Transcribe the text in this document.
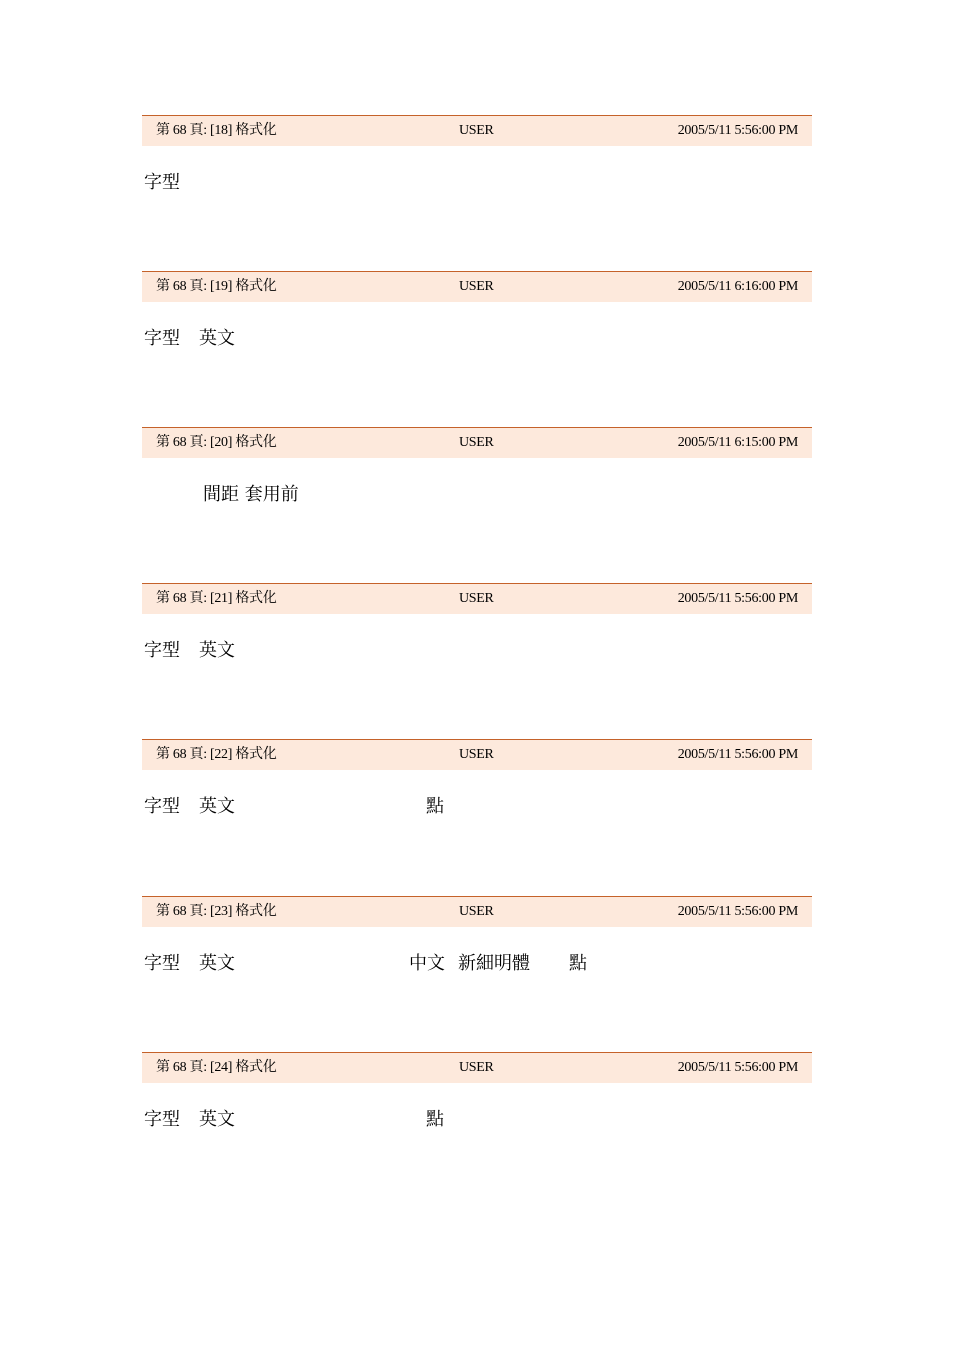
第 68 頁: [18] 格式化	USER	2005/5/11 5:56:00 PM
字型
第 68 頁: [19] 格式化	USER	2005/5/11 6:16:00 PM
字型 英文
第 68 頁: [20] 格式化	USER	2005/5/11 6:15:00 PM
間距 套用前
第 68 頁: [21] 格式化	USER	2005/5/11 5:56:00 PM
字型 英文
第 68 頁: [22] 格式化	USER	2005/5/11 5:56:00 PM
字型 英文	點
第 68 頁: [23] 格式化	USER	2005/5/11 5:56:00 PM
字型 英文	中文 新細明體 點
第 68 頁: [24] 格式化	USER	2005/5/11 5:56:00 PM
字型 英文	點
